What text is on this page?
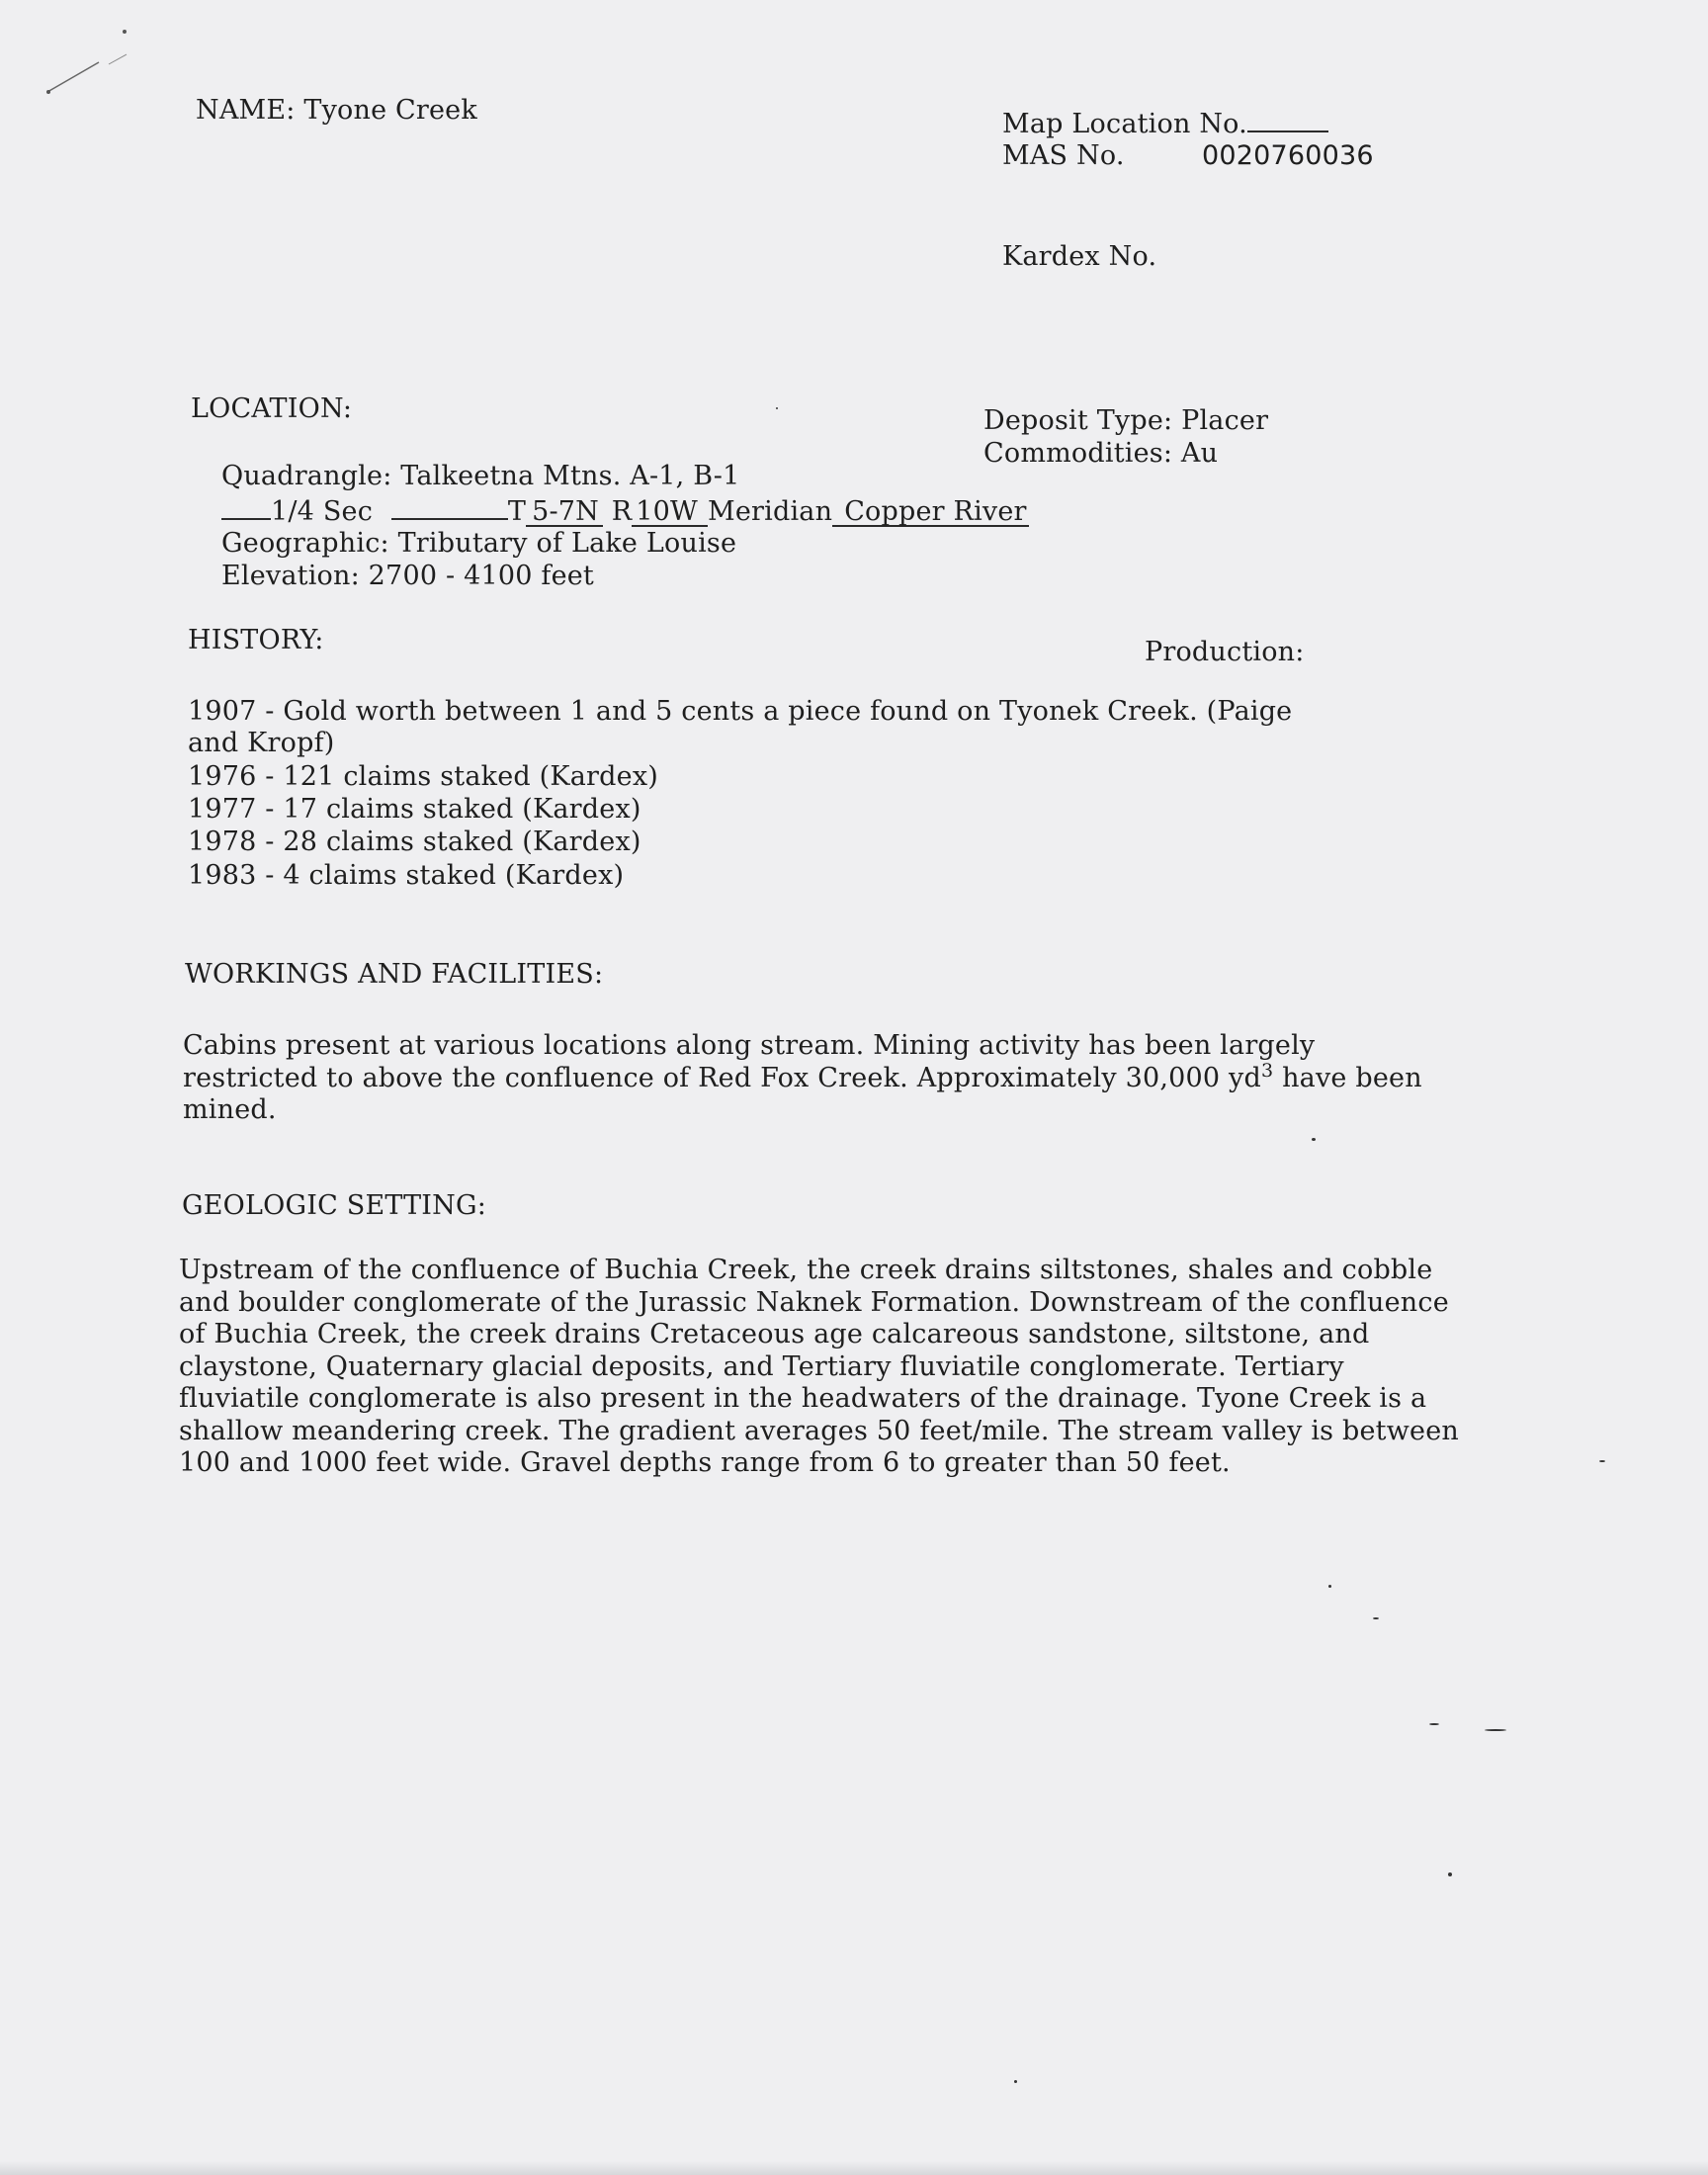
NAME: Tyone Creek	Map Location No.
MAS No.	0020760036
Kardex No.
LOCATION:	Deposit Type: Placer
Commodities: Au
Quadrangle: Talkeetna Mtns. A-1, B-1
1/4 Sec	T 5-7N R 10W Meridian Copper River
Geographic: Tributary of Lake Louise
Elevation: 2700 - 4100 feet
HISTORY:	Production:
1907 - Gold worth between 1 and 5 cents a piece found on Tyonek Creek. (Paige
and Kropf)
1976 - 121 claims staked (Kardex)
1977 - 17 claims staked (Kardex)
1978 - 28 claims staked (Kardex)
1983 - 4 claims staked (Kardex)
WORKINGS AND FACILITIES:
Cabins present at various locations along stream. Mining activity has been largely restricted to above the confluence of Red Fox Creek. Approximately 30,000 $yd^3$ have been mined.
GEOLOGIC SETTING:
Upstream of the confluence of Buchia Creek, the creek drains siltstones, shales and cobble and boulder conglomerate of the Jurassic Naknek Formation. Downstream of the confluence of Buchia Creek, the creek drains Cretaceous age calcareous sandstone, siltstone, and claystone, Quaternary glacial deposits, and Tertiary fluviatile conglomerate. Tertiary fluviatile conglomerate is also present in the headwaters of the drainage. Tyone Creek is a shallow meandering creek. The gradient averages 50 feet/mile. The stream valley is between 100 and 1000 feet wide. Gravel depths range from 6 to greater than 50 feet.
